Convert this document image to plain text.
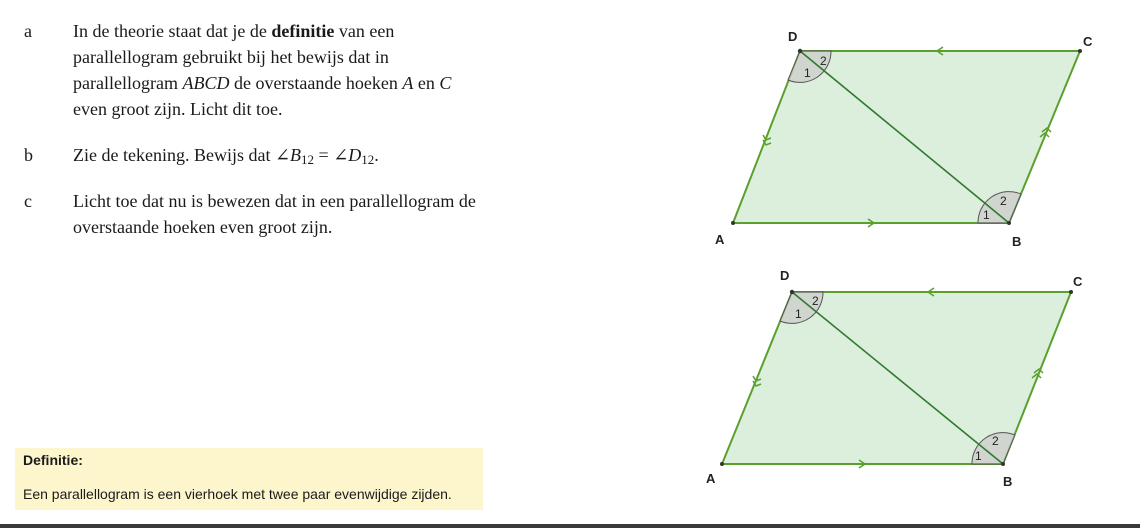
a In de theorie staat dat je de definitie van een
parallellogram gebruikt bij het bewijs dat in
parallellogram ABCD de overstaande hoeken A en C
even groot zijn. Licht dit toe.
b Zie de tekening. Bewijs dat $\angle B_{12}$ = $\angle D_{12}$.
c Licht toe dat nu is bewezen dat in een parallellogram de
overstaande hoeken even groot zijn.
Definitie:
Een parallellogram is een vierhoek met twee paar evenwijdige zijden.
A	B
C
D
1
2
1
2
A	B
C
D
1
2
1
2
